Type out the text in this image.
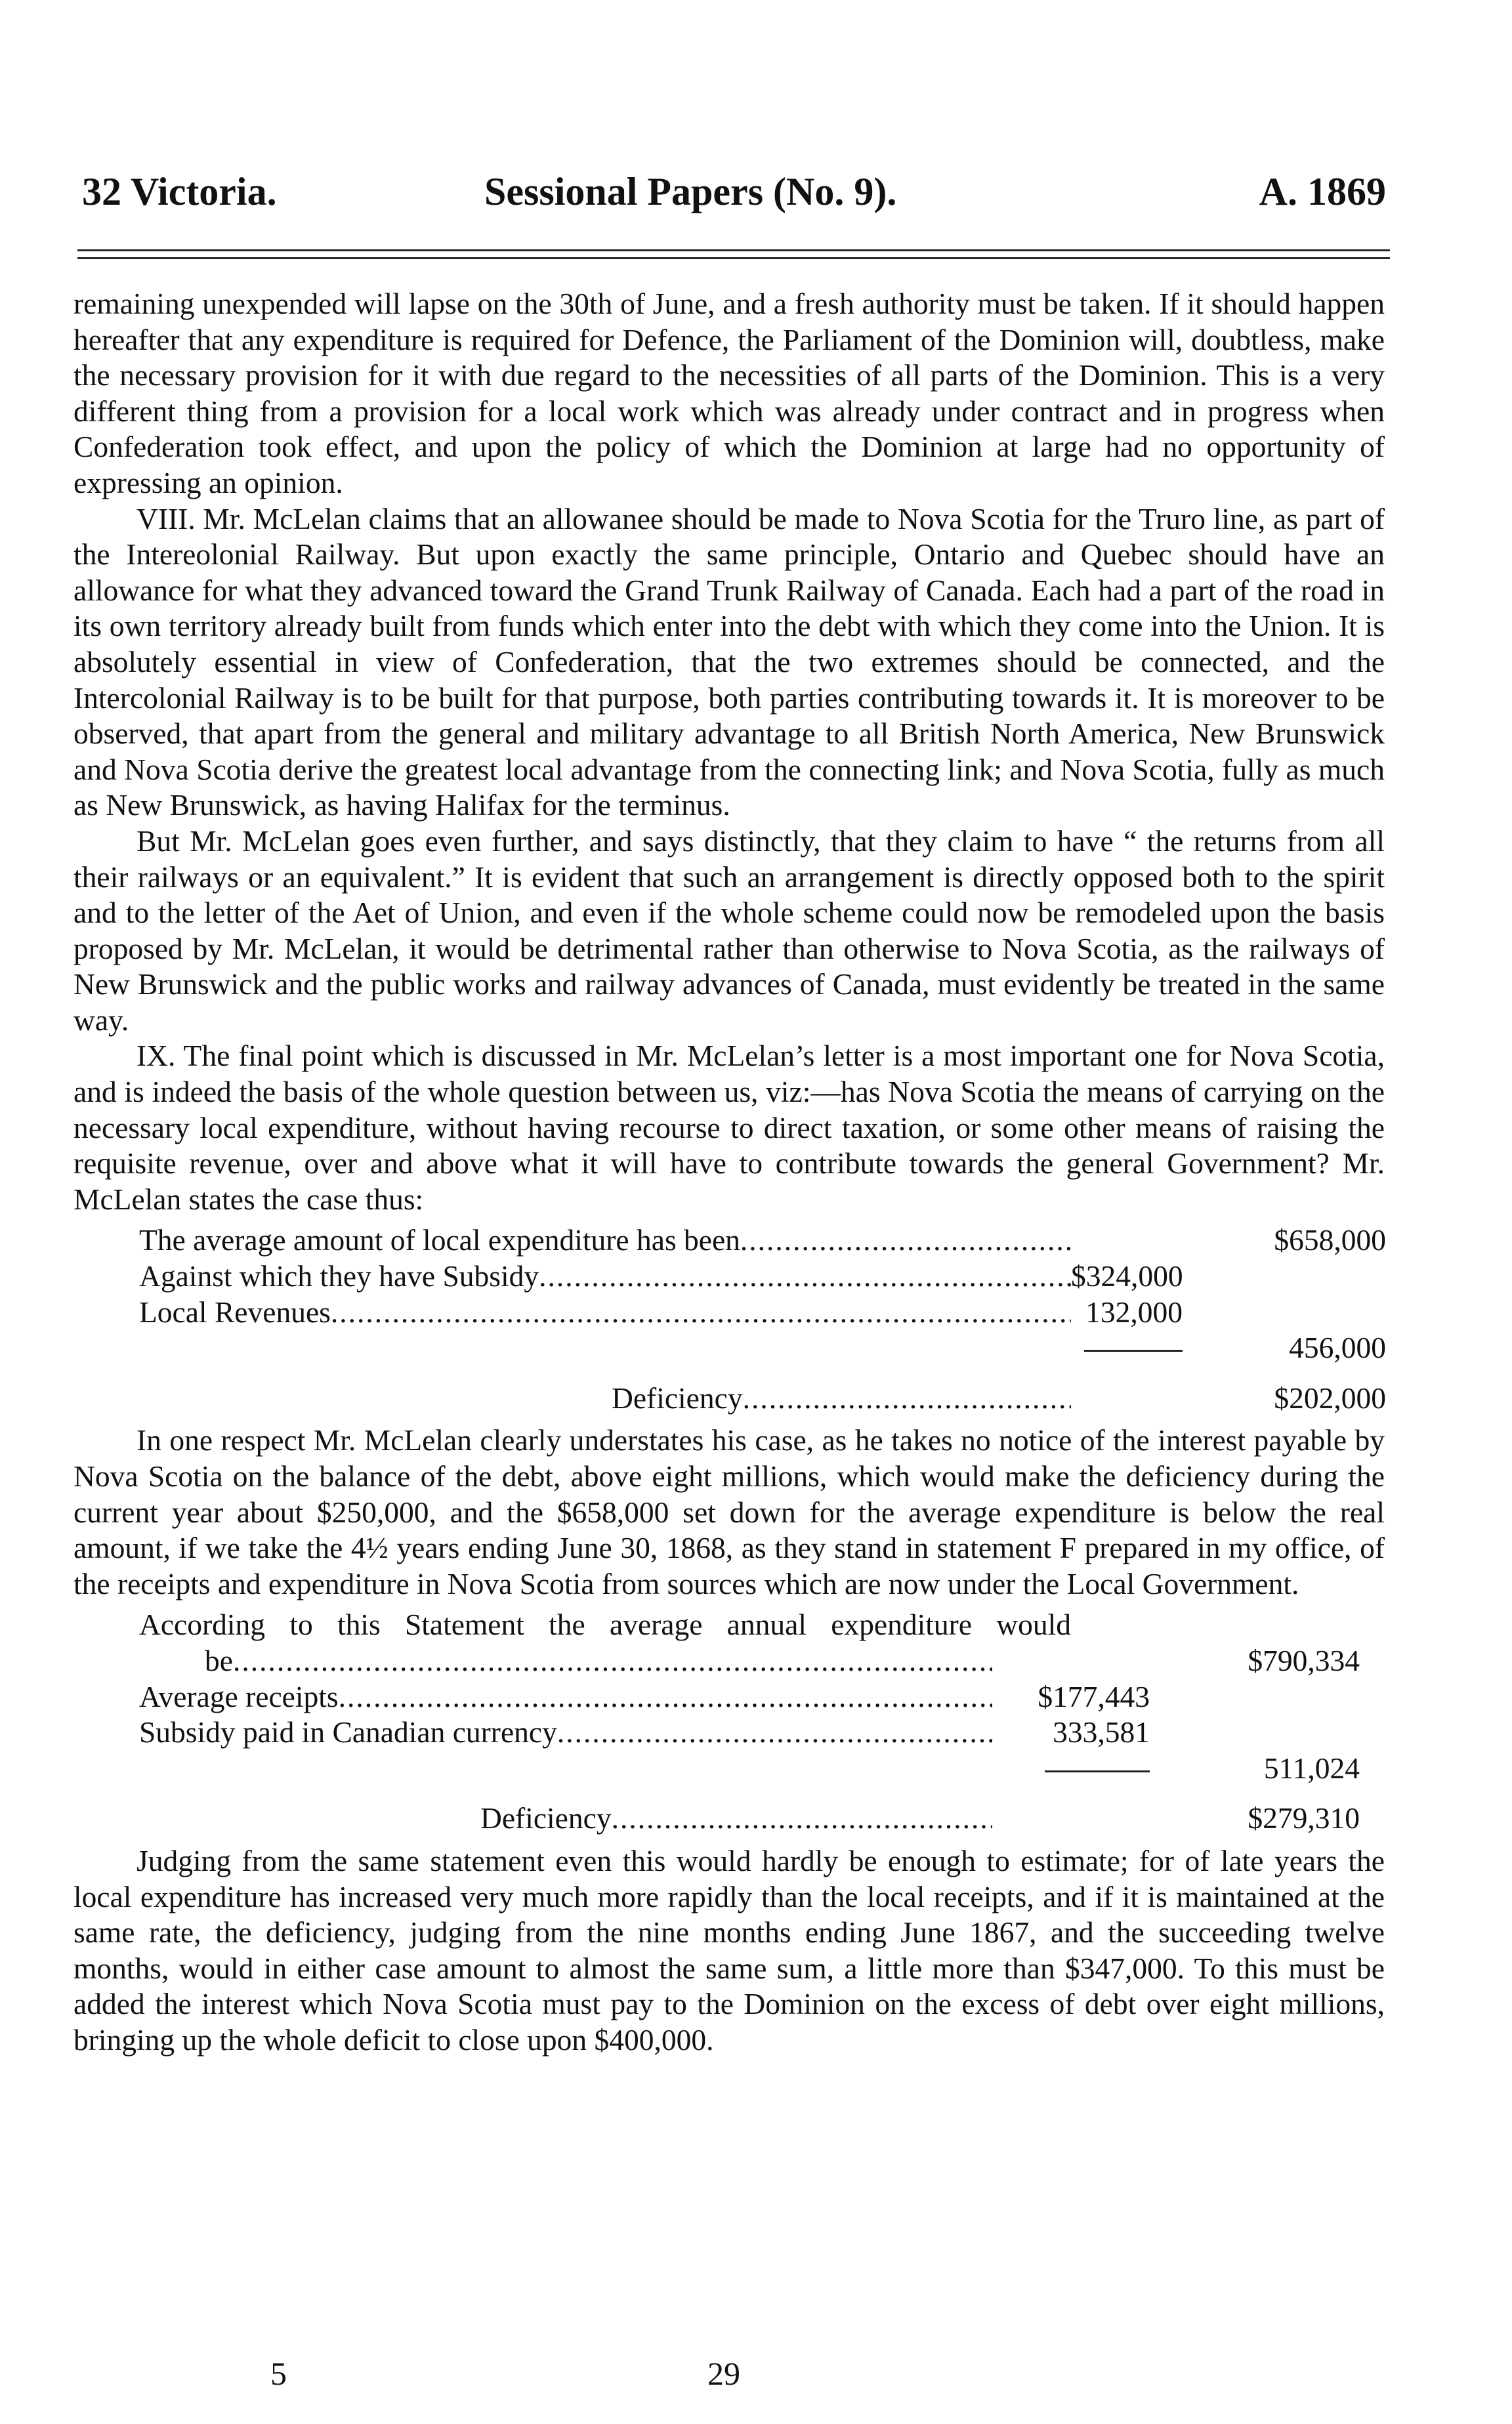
32 Victoria.	Sessional Papers (No. 9).	A. 1869

remaining unexpended will lapse on the 30th of June, and a fresh authority must be taken. If it should happen hereafter that any expenditure is required for Defence, the Parliament of the Dominion will, doubtless, make the necessary provision for it with due regard to the necessities of all parts of the Dominion. This is a very different thing from a provision for a local work which was already under contract and in progress when Confederation took effect, and upon the policy of which the Dominion at large had no opportunity of expressing an opinion.

VIII. Mr. McLelan claims that an allowanee should be made to Nova Scotia for the Truro line, as part of the Intereolonial Railway. But upon exactly the same principle, Ontario and Quebec should have an allowance for what they advanced toward the Grand Trunk Railway of Canada. Each had a part of the road in its own territory already built from funds which enter into the debt with which they come into the Union. It is absolutely essential in view of Confederation, that the two extremes should be connected, and the Intercolonial Railway is to be built for that purpose, both parties contributing towards it. It is moreover to be observed, that apart from the general and military advantage to all British North America, New Brunswick and Nova Scotia derive the greatest local advantage from the connecting link; and Nova Scotia, fully as much as New Brunswick, as having Halifax for the terminus.

But Mr. McLelan goes even further, and says distinctly, that they claim to have “ the returns from all their railways or an equivalent.” It is evident that such an arrangement is directly opposed both to the spirit and to the letter of the Aet of Union, and even if the whole scheme could now be remodeled upon the basis proposed by Mr. McLelan, it would be detrimental rather than otherwise to Nova Scotia, as the railways of New Brunswick and the public works and railway advances of Canada, must evidently be treated in the same way.

IX. The final point which is discussed in Mr. McLelan’s letter is a most important one for Nova Scotia, and is indeed the basis of the whole question between us, viz:—has Nova Scotia the means of carrying on the necessary local expenditure, without having recourse to direct taxation, or some other means of raising the requisite revenue, over and above what it will have to contribute towards the general Government? Mr. McLelan states the case thus:

The average amount of local expenditure has been .....	$658,000
Against which they have Subsidy .....	$324,000
Local Revenues .....	132,000
456,000
Deficiency .....	$202,000

In one respect Mr. McLelan clearly understates his case, as he takes no notice of the interest payable by Nova Scotia on the balance of the debt, above eight millions, which would make the deficiency during the current year about $250,000, and the $658,000 set down for the average expenditure is below the real amount, if we take the 4½ years ending June 30, 1868, as they stand in statement F prepared in my office, of the receipts and expenditure in Nova Scotia from sources which are now under the Local Government.

According to this Statement the average annual expenditure would
be .....	$790,334
Average receipts .....	$177,443
Subsidy paid in Canadian currency .....	333,581
511,024
Deficiency .....	$279,310

Judging from the same statement even this would hardly be enough to estimate; for of late years the local expenditure has increased very much more rapidly than the local receipts, and if it is maintained at the same rate, the deficiency, judging from the nine months ending June 1867, and the succeeding twelve months, would in either case amount to almost the same sum, a little more than $347,000. To this must be added the interest which Nova Scotia must pay to the Dominion on the excess of debt over eight millions, bringing up the whole deficit to close upon $400,000.

5	29
